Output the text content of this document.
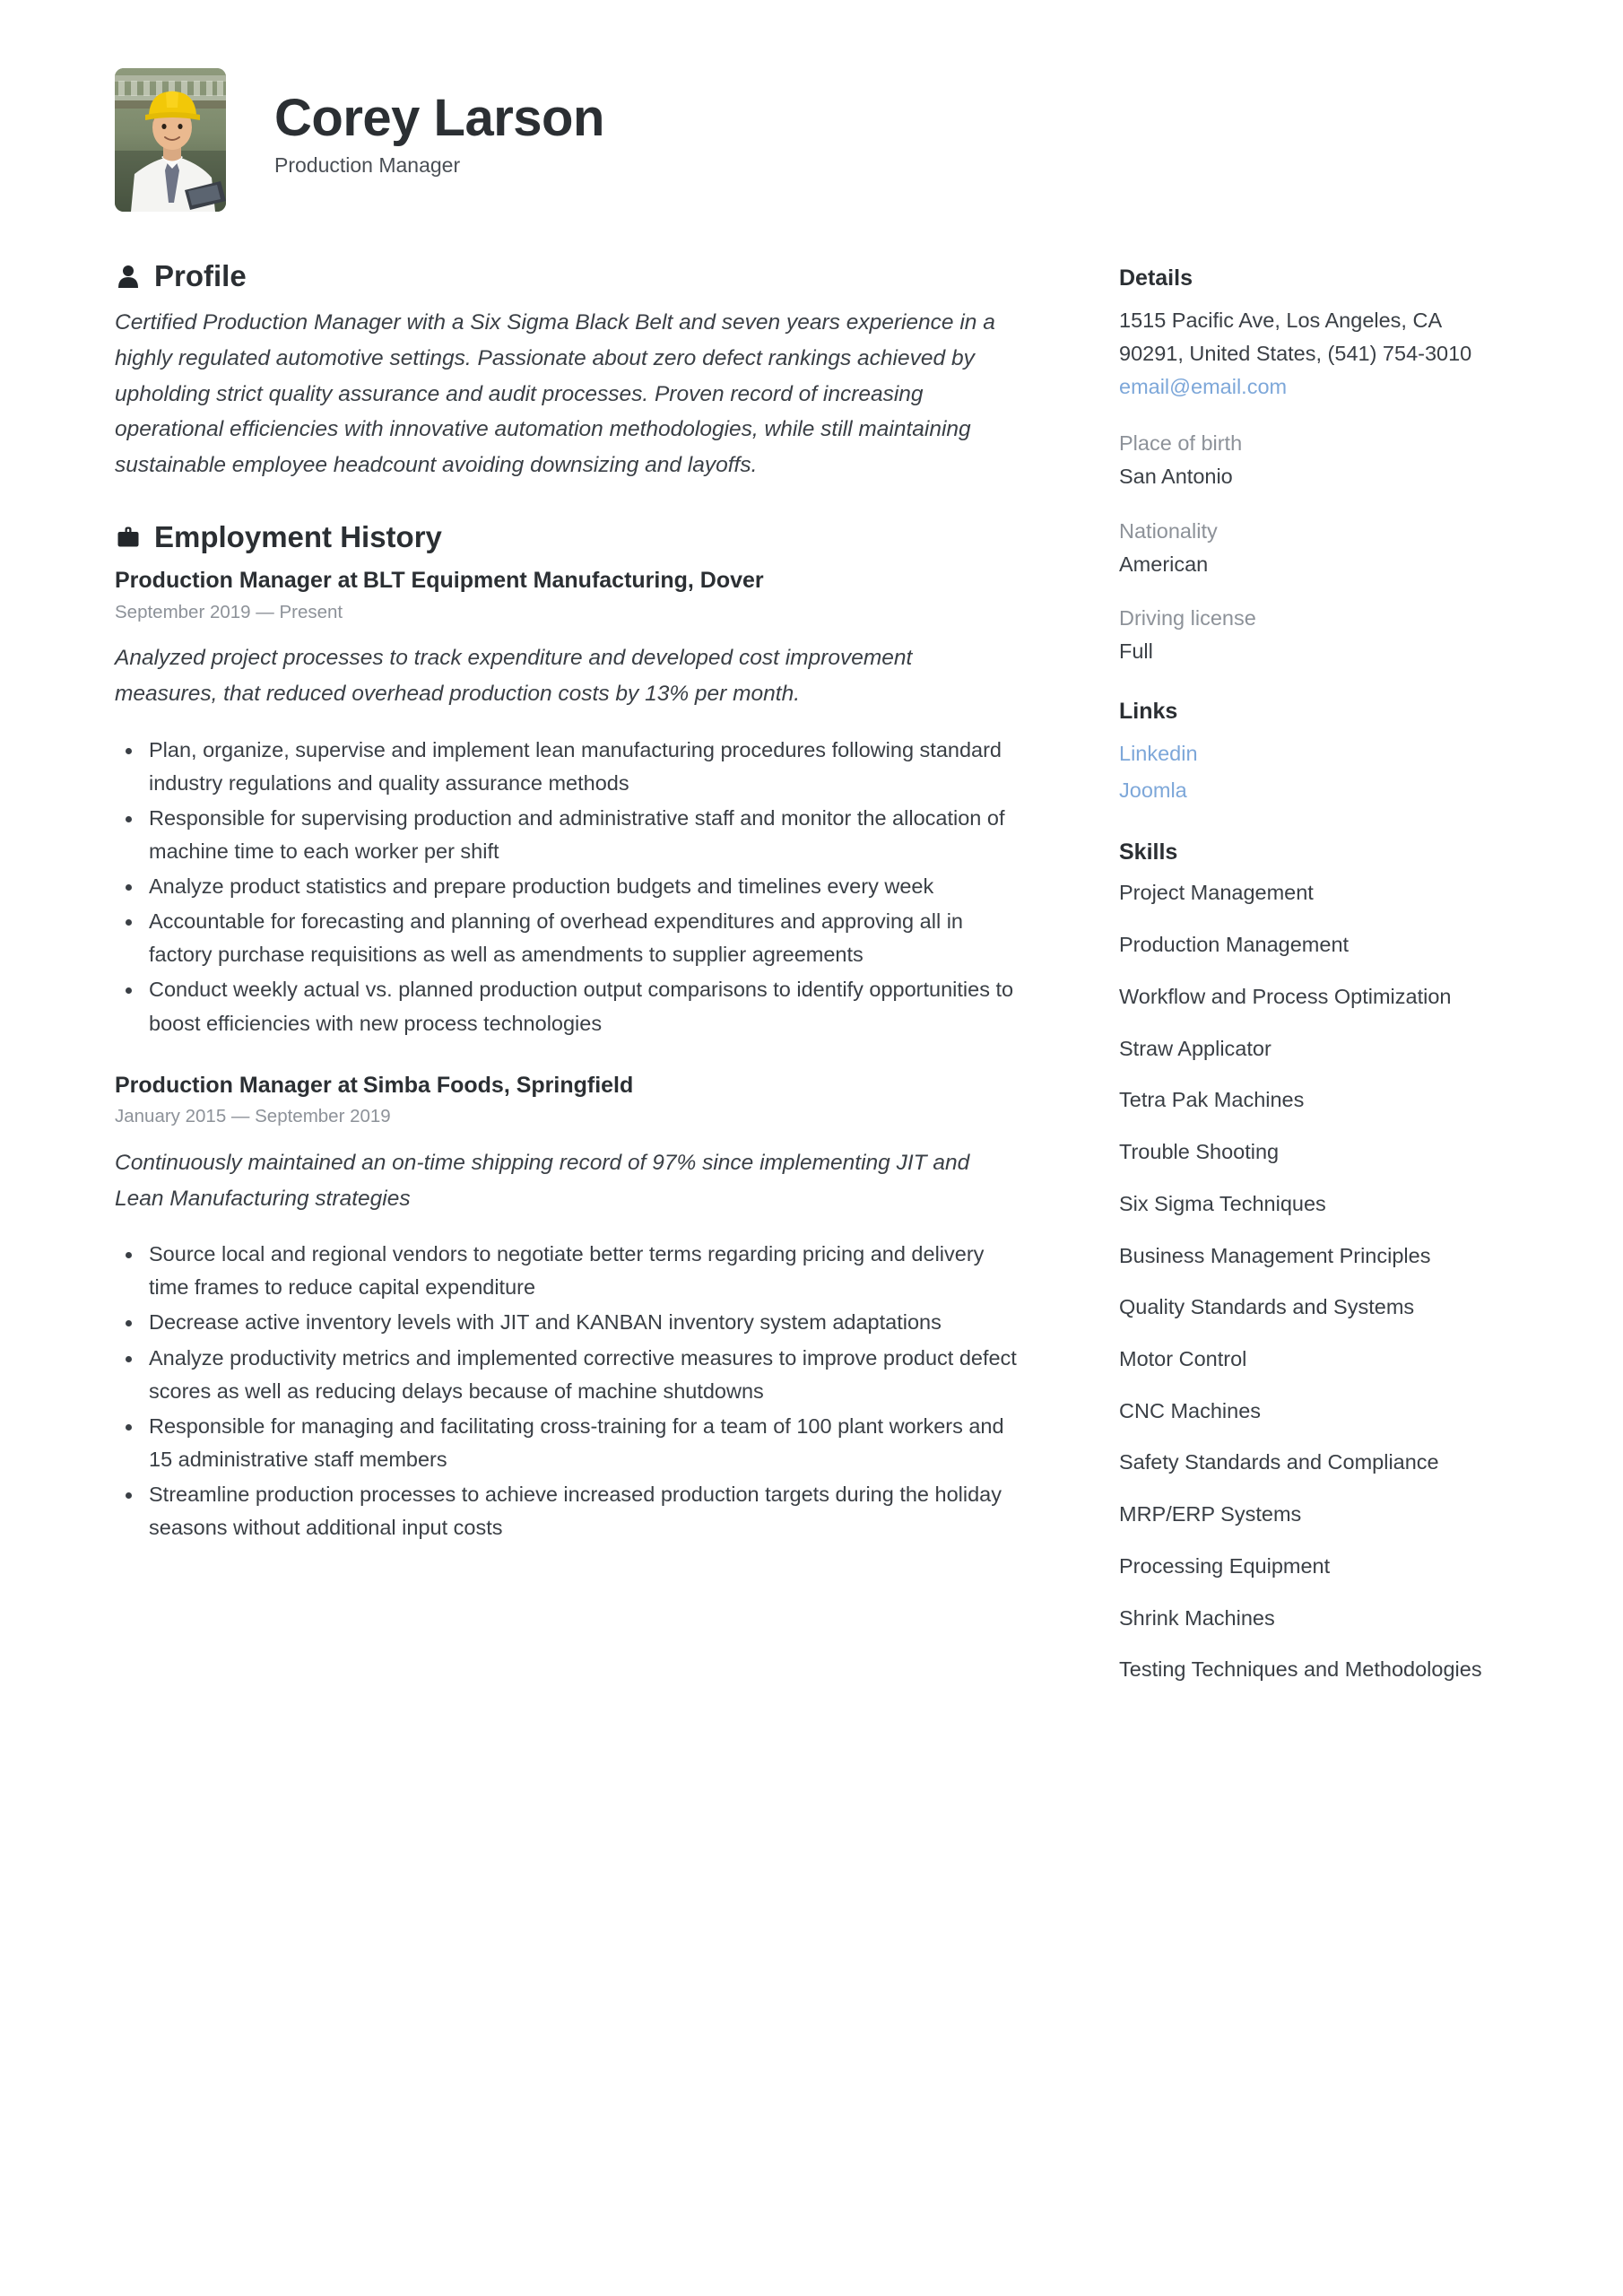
Corey Larson

Production Manager

Profile

Certified Production Manager with a Six Sigma Black Belt and seven years experience in a highly regulated automotive settings. Passionate about zero defect rankings achieved by upholding strict quality assurance and audit processes. Proven record of increasing operational efficiencies with innovative automation methodologies, while still maintaining sustainable employee headcount avoiding downsizing and layoffs.

Employment History

Production Manager at BLT Equipment Manufacturing, Dover

September 2019 — Present

Analyzed project processes to track expenditure and developed cost improvement measures, that reduced overhead production costs by 13% per month.

Plan, organize, supervise and implement lean manufacturing procedures following standard industry regulations and quality assurance methods
Responsible for supervising production and administrative staff and monitor the allocation of machine time to each worker per shift
Analyze product statistics and prepare production budgets and timelines every week
Accountable for forecasting and planning of overhead expenditures and approving all in factory purchase requisitions as well as amendments to supplier agreements
Conduct weekly actual vs. planned production output comparisons to identify opportunities to boost efficiencies with new process technologies

Production Manager at Simba Foods, Springfield

January 2015 — September 2019

Continuously maintained an on-time shipping record of 97% since implementing JIT and Lean Manufacturing strategies

Source local and regional vendors to negotiate better terms regarding pricing and delivery time frames to reduce capital expenditure
Decrease active inventory levels with JIT and KANBAN inventory system adaptations
Analyze productivity metrics and implemented corrective measures to improve product defect scores as well as reducing delays because of machine shutdowns
Responsible for managing and facilitating cross-training for a team of 100 plant workers and 15 administrative staff members
Streamline production processes to achieve increased production targets during the holiday seasons without additional input costs

Details

1515 Pacific Ave, Los Angeles, CA 90291, United States, (541) 754-3010

email@email.com

Place of birth

San Antonio

Nationality

American

Driving license

Full

Links

Linkedin
Joomla

Skills

Project Management

Production Management

Workflow and Process Optimization

Straw Applicator

Tetra Pak Machines

Trouble Shooting

Six Sigma Techniques

Business Management Principles

Quality Standards and Systems

Motor Control

CNC Machines

Safety Standards and Compliance

MRP/ERP Systems

Processing Equipment

Shrink Machines

Testing Techniques and Methodologies
